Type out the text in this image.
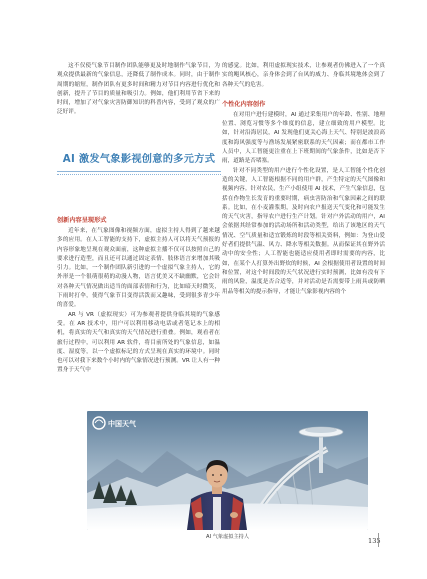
这不仅使气象节目制作团队能够更及时地制作气象节目，为观众提供最新的气象信息，还降低了制作成本。同时，由于制作周期的缩短，制作团队有更多时间和精力对节目内容进行优化和创新，提升了节目的质量和吸引力。例如，他们利用节省下来的时间，增加了对气象灾害防御知识的科普内容，受到了观众的广泛好评。

AI 激发气象影视创意的多元方式
创新内容呈现形式

近年来，在气象图像和视频方面，虚拟主持人得到了越来越多的应用。在人工智能的支持下，虚拟主持人可以将天气预报的内容形象地呈现在观众面前，这种虚拟主播不仅可以按照自己的要求进行造型，而且还可以通过固定表情、肢体语言来增加其吸引力。比如，一个制作团队新引进的一个虚拟气象主持人，它的外形是一个很萌很萌的动漫人物，语言优美又不缺幽默，它会针对各种天气情况做出适当的面部表情和行为，比如暗天时微笑，下雨时打伞，使得气象节目变得活泼而又趣味，受到很多青少年的喜爱。

AR 与 VR（虚拟现实）可为参观者提供身临其境的气象感受。在 AR 技术中，用户可以利用移动电话或者笔记本上的相机，将真实的天气和真实的天气情况进行重叠。例如，观看者在旅行过程中，可以利用 AR 软件，将目前所处的气象信息，如温度、湿度等，以一个虚拟标记的方式呈现在真实的环境中。同时也可以对我下来数个小时内的气象情况进行预测。VR 让人有一种置身于天气中

的感觉。比如，利用虚拟现实技术，让参观者仿佛进入了一个真实的飓风核心，亲身体会到了台风的威力、身临其境地体会到了各种天气的危害。

个性化内容创作

在对用户进行建模时，AI 通过采集用户的年龄、性别、地理位置、浏览习惯等多个维度的信息，建立细致的用户模型。比如，针对沿海居民，AI 发现他们更关心海上天气、特别是波浪高度和海风强度等与渔场发展紧密联系的天气因素；而在都市工作人员中，人工智能更注重在上下班期间的气象条件，比如是否下雨，道路是否堵塞。

针对不同类型的用户进行个性化设置，是人工智能个性化创造的关键，人工智能根据不同的用户群，产生特定的天气图像和视频内容。针对农民，生产小组使用 AI 技术，产生气象信息，包括在作物生长发育的重要时期，病虫害防治和气象因素之间的联系。比如，在小麦灌浆期，及时向农户报送天气变化和可能发生的天气灾害，指导农户进行生产计划。针对户外活动的用户，AI 会依据其经常参加的活动场所和活动类型，给出了该地区的天气情况、空气质量和适宜锻炼的时段等相关资料，例如：为登山爱好者们提供气温、风力、降水等相关数据。从而保证其在野外活动中的安全性；人工智能也能适应使用者即时需要的内容，比如，在某个人打算外出野炊的时候，AI 会根据使用者设置的时间和位置，对这个时间段的天气状况进行实时预测，比如有没有下雨的风险，温度是否合适等，并对活动是否需要带上雨具或防晒用品等相关的提示指导，才能让气象影视内容的个

中国天气
AI 气象虚拟主持人	135
